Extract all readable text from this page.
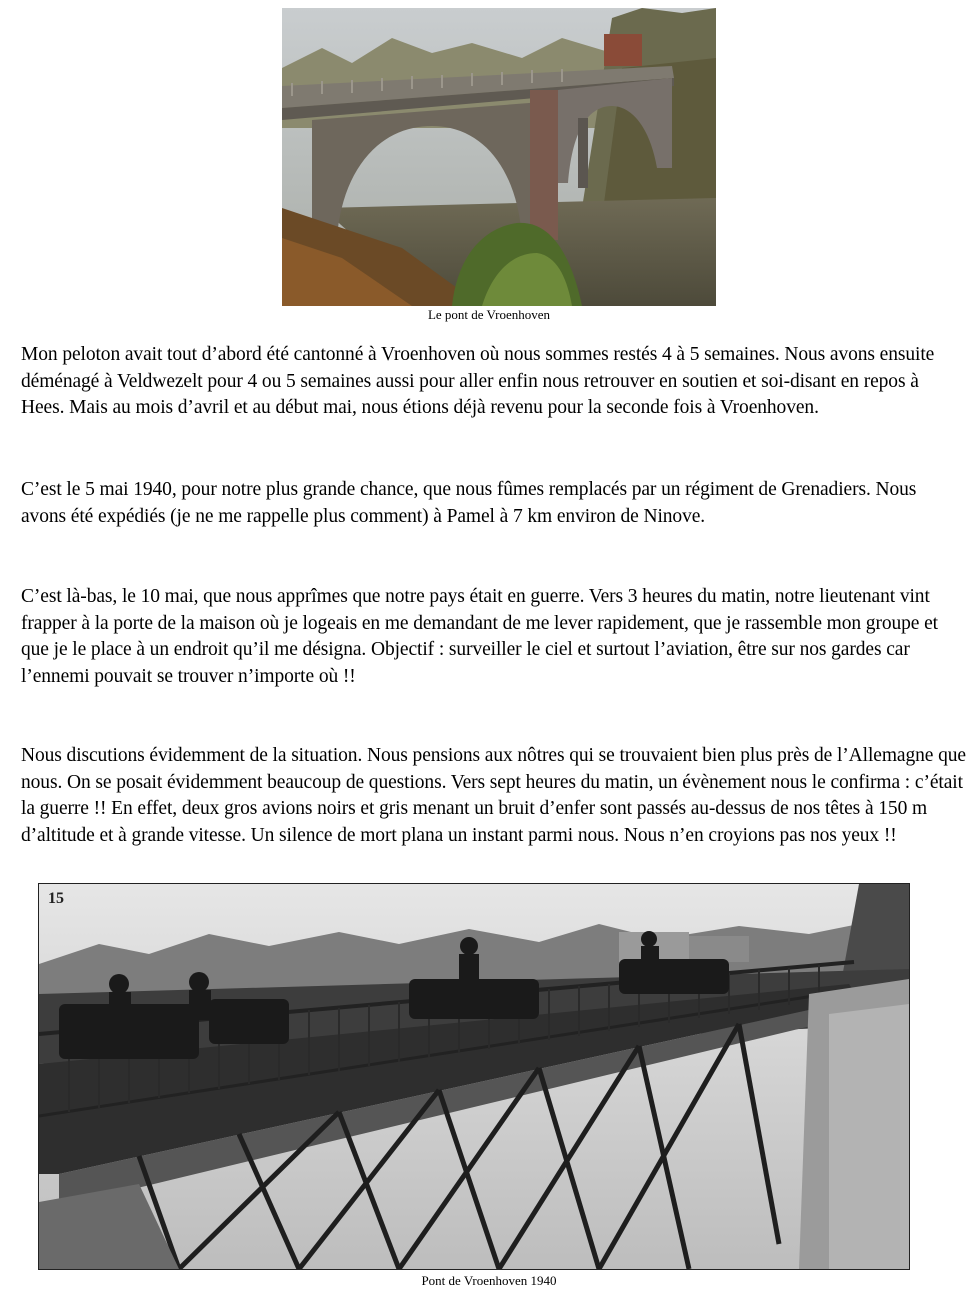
Le pont de Vroenhoven

Mon peloton avait tout d’abord été cantonné à Vroenhoven où nous sommes restés 4 à 5 semaines. Nous avons ensuite déménagé à Veldwezelt pour 4 ou 5 semaines aussi pour aller enfin nous retrouver en soutien et soi-disant en repos à Hees. Mais au mois d’avril et au début mai, nous étions déjà revenu pour la seconde fois à Vroenhoven.

C’est le 5 mai 1940, pour notre plus grande chance, que nous fûmes remplacés par un régiment de Grenadiers. Nous avons été expédiés (je ne me rappelle plus comment) à Pamel à 7 km environ de Ninove.

C’est là-bas, le 10 mai, que nous apprîmes que notre pays était en guerre. Vers 3 heures du matin, notre lieutenant vint frapper à la porte de la maison où je logeais en me demandant de me lever rapidement, que je rassemble mon groupe et que je le place à un endroit qu’il me désigna. Objectif : surveiller le ciel et surtout l’aviation, être sur nos gardes car l’ennemi pouvait se trouver n’importe où !!

Nous discutions évidemment de la situation. Nous pensions aux nôtres qui se trouvaient bien plus près de l’Allemagne que nous. On se posait évidemment beaucoup de questions. Vers sept heures du matin, un évènement nous le confirma : c’était la guerre !! En effet, deux gros avions noirs et gris menant un bruit d’enfer sont passés au-dessus de nos têtes à 150 m d’altitude et à grande vitesse. Un silence de mort plana un instant parmi nous. Nous n’en croyions pas nos yeux !!

15
Pont de Vroenhoven 1940
